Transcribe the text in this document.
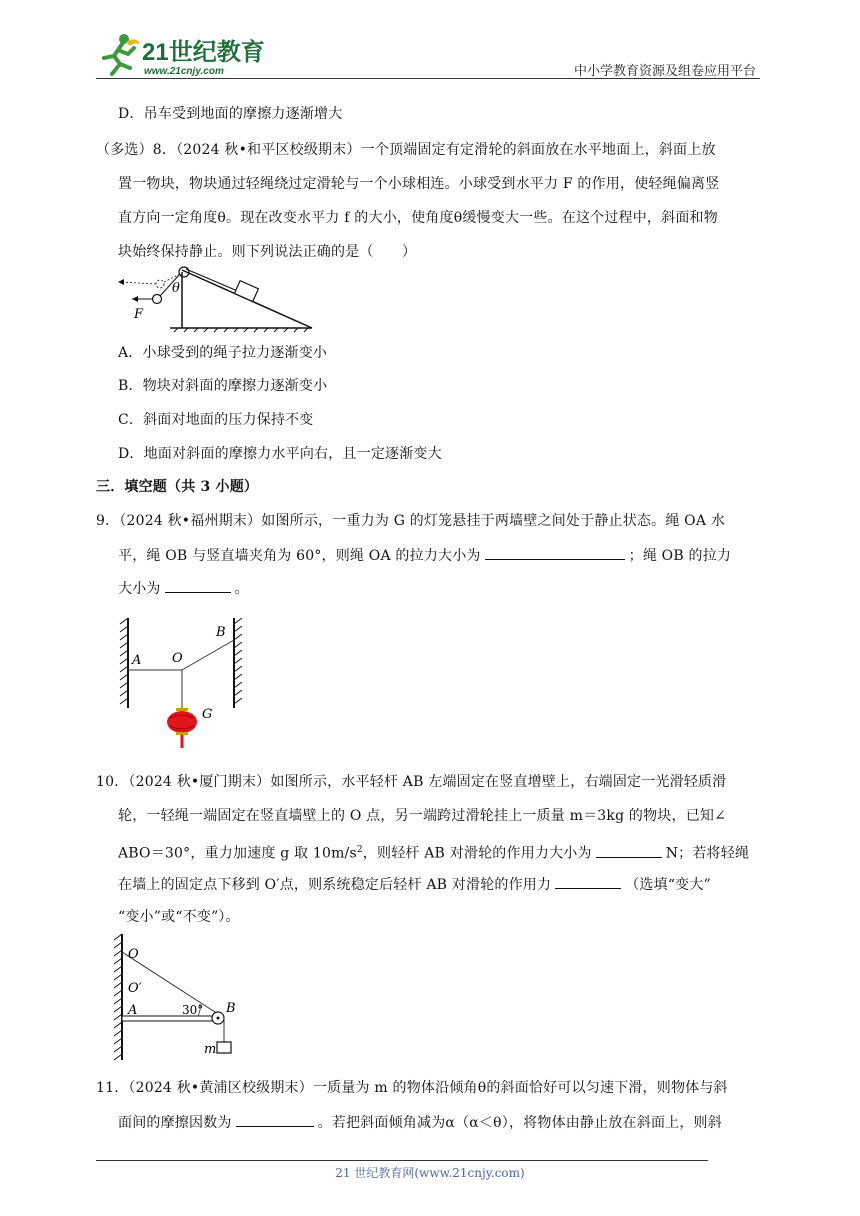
21世纪教育
www.21cnjy.com	中小学教育资源及组卷应用平台
D．吊车受到地面的摩擦力逐渐增大
（多选）8．（2024 秋•和平区校级期末）一个顶端固定有定滑轮的斜面放在水平地面上，斜面上放
置一物块，物块通过轻绳绕过定滑轮与一个小球相连。小球受到水平力 F 的作用，使轻绳偏离竖
直方向一定角度θ。现在改变水平力 f 的大小，使角度θ缓慢变大一些。在这个过程中，斜面和物
块始终保持静止。则下列说法正确的是（　　）
θ
F
A．小球受到的绳子拉力逐渐变小
B．物块对斜面的摩擦力逐渐变小
C．斜面对地面的压力保持不变
D．地面对斜面的摩擦力水平向右，且一定逐渐变大
三．填空题（共 3 小题）
9．（2024 秋•福州期末）如图所示，一重力为 G 的灯笼悬挂于两墙壁之间处于静止状态。绳 OA 水
平，绳 OB 与竖直墙夹角为 60°，则绳 OA 的拉力大小为	；绳 OB 的拉力
大小为	。
A O
B
G
10．（2024 秋•厦门期末）如图所示，水平轻杆 AB 左端固定在竖直增壁上，右端固定一光滑轻质滑
轮，一轻绳一端固定在竖直墙壁上的 O 点，另一端跨过滑轮挂上一质量 m＝3kg 的物块，已知∠
ABO＝30°，重力加速度 g 取 $10m/s^2$，则轻杆 AB 对滑轮的作用力大小为	N；若将轻绳
在墙上的固定点下移到 O′点，则系统稳定后轻杆 AB 对滑轮的作用力	（选填“变大”
“变小”或“不变”）。
O
O′
A	30° B
m
11．（2024 秋•黄浦区校级期末）一质量为 m 的物体沿倾角θ的斜面恰好可以匀速下滑，则物体与斜
面间的摩擦因数为	。若把斜面倾角减为α（α＜θ），将物体由静止放在斜面上，则斜
21 世纪教育网(www.21cnjy.com)
